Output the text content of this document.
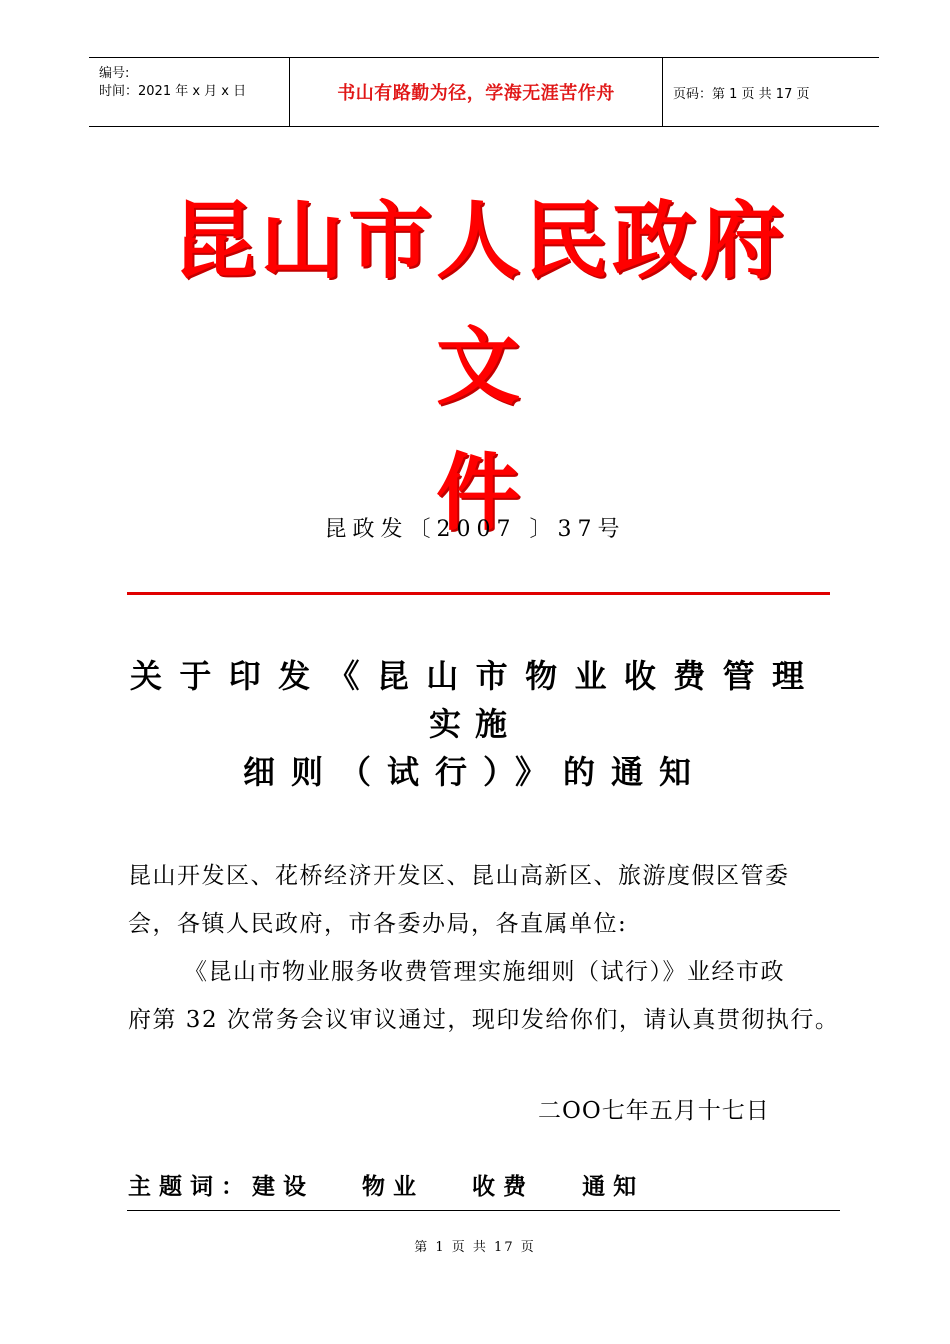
编号:
时间：2021 年 x 月 x 日	书山有路勤为径，学海无涯苦作舟	页码：第 1 页 共 17 页
昆山市人民政府文
件
昆政发〔2007 〕37号
关于印发《昆山市物业收费管理
实施
细则（试行）》的通知

昆山开发区、花桥经济开发区、昆山高新区、旅游度假区管委

会，各镇人民政府，市各委办局，各直属单位:

《昆山市物业服务收费管理实施细则（试行）》业经市政

府第 32 次常务会议审议通过，现印发给你们，请认真贯彻执行。

二OO七年五月十七日
主题词：建设   物业   收费   通知
第 1 页 共 17 页
